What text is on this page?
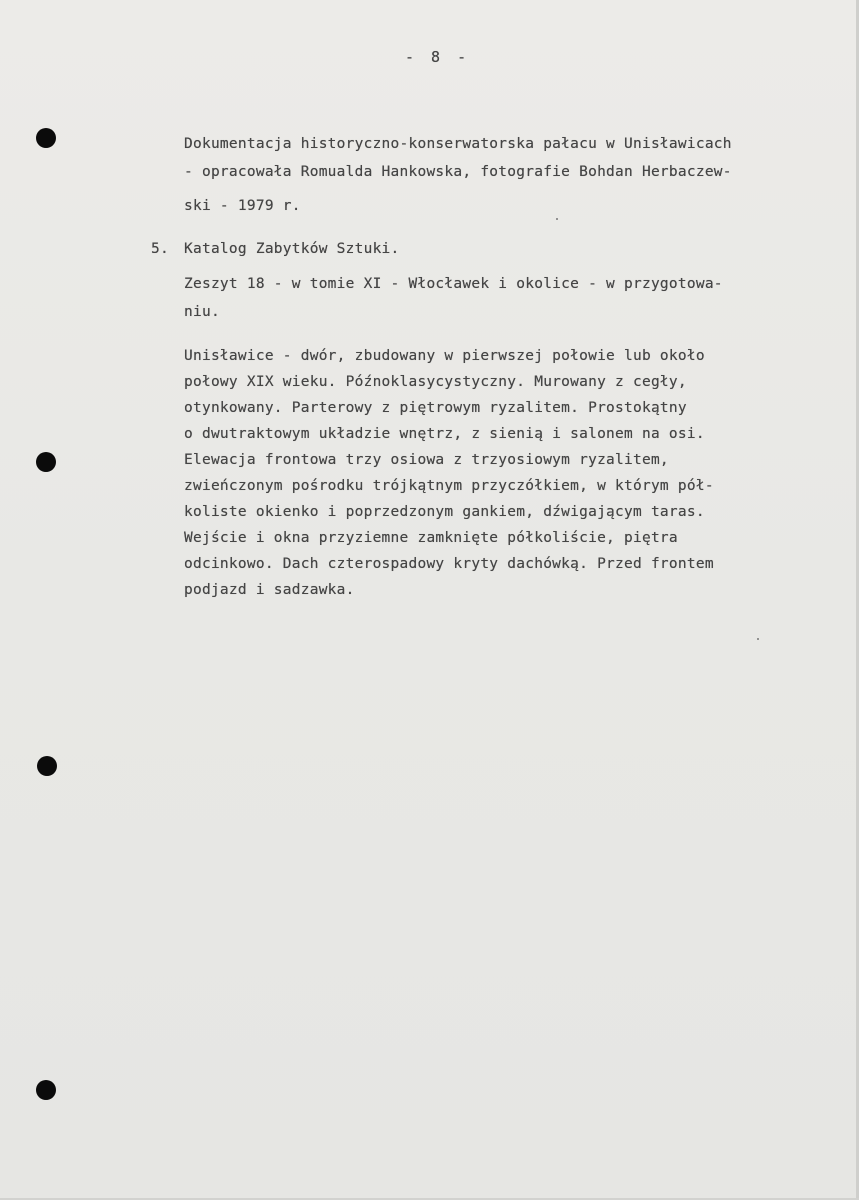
- 8 -
Dokumentacja historyczno-konserwatorska pałacu w Unisławicach
- opracowała Romualda Hankowska, fotografie Bohdan Herbaczew-
ski - 1979 r.
5. Katalog Zabytków Sztuki.
Zeszyt 18 - w tomie XI - Włocławek i okolice - w przygotowa-
niu.
Unisławice - dwór, zbudowany w pierwszej połowie lub około
połowy XIX wieku. Późnoklasycystyczny. Murowany z cegły,
otynkowany. Parterowy z piętrowym ryzalitem. Prostokątny
o dwutraktowym układzie wnętrz, z sienią i salonem na osi.
Elewacja frontowa trzy osiowa z trzyosiowym ryzalitem,
zwieńczonym pośrodku trójkątnym przyczółkiem, w którym pół-
koliste okienko i poprzedzonym gankiem, dźwigającym taras.
Wejście i okna przyziemne zamknięte półkoliście, piętra
odcinkowo. Dach czterospadowy kryty dachówką. Przed frontem
podjazd i sadzawka.
